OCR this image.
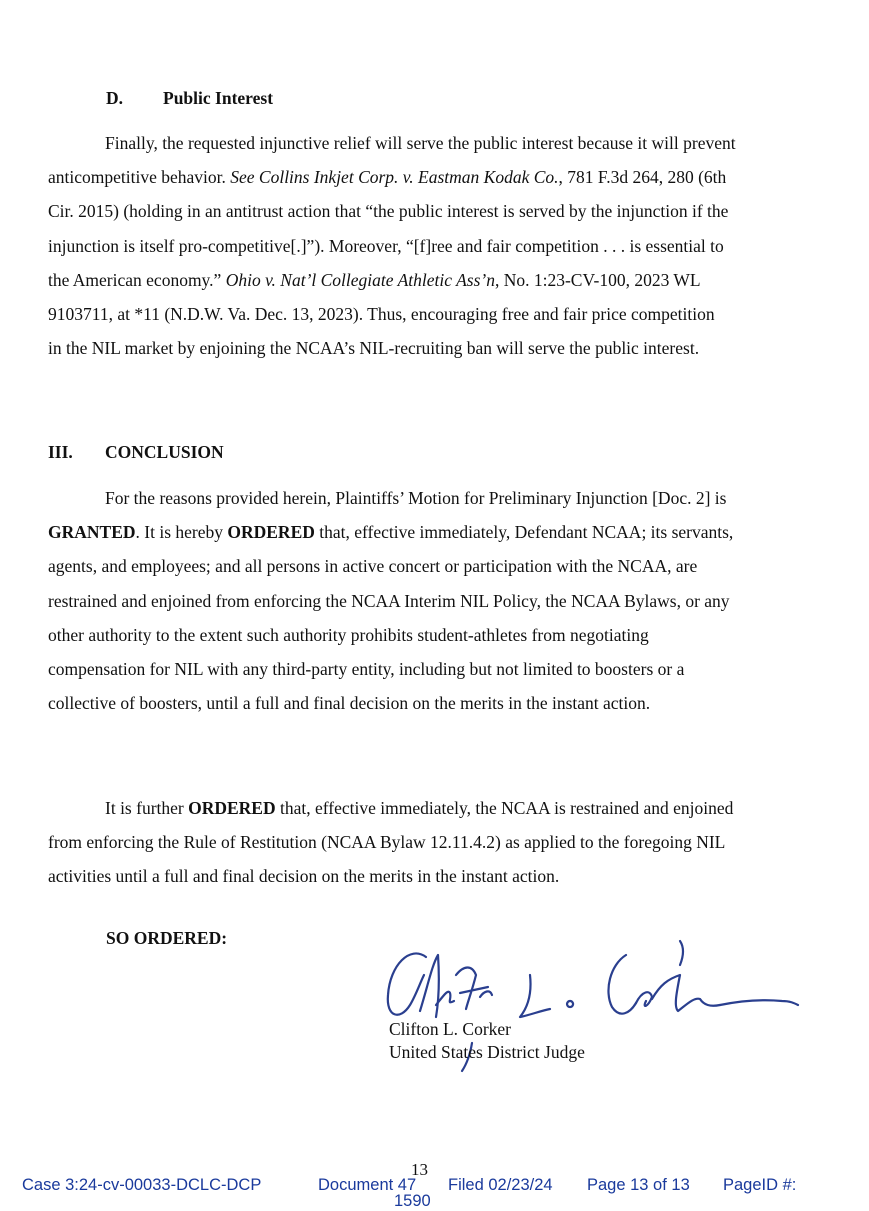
D. Public Interest
Finally, the requested injunctive relief will serve the public interest because it will prevent
anticompetitive behavior. See Collins Inkjet Corp. v. Eastman Kodak Co., 781 F.3d 264, 280 (6th
Cir. 2015) (holding in an antitrust action that “the public interest is served by the injunction if the
injunction is itself pro-competitive[.]”). Moreover, “[f]ree and fair competition . . . is essential to
the American economy.” Ohio v. Nat’l Collegiate Athletic Ass’n, No. 1:23-CV-100, 2023 WL
9103711, at *11 (N.D.W. Va. Dec. 13, 2023). Thus, encouraging free and fair price competition
in the NIL market by enjoining the NCAA’s NIL-recruiting ban will serve the public interest.
III. CONCLUSION
For the reasons provided herein, Plaintiffs’ Motion for Preliminary Injunction [Doc. 2] is
GRANTED. It is hereby ORDERED that, effective immediately, Defendant NCAA; its servants,
agents, and employees; and all persons in active concert or participation with the NCAA, are
restrained and enjoined from enforcing the NCAA Interim NIL Policy, the NCAA Bylaws, or any
other authority to the extent such authority prohibits student-athletes from negotiating
compensation for NIL with any third-party entity, including but not limited to boosters or a
collective of boosters, until a full and final decision on the merits in the instant action.
It is further ORDERED that, effective immediately, the NCAA is restrained and enjoined
from enforcing the Rule of Restitution (NCAA Bylaw 12.11.4.2) as applied to the foregoing NIL
activities until a full and final decision on the merits in the instant action.
SO ORDERED:
Clifton L. Corker
United States District Judge
13
Case 3:24-cv-00033-DCLC-DCP	Document 47 Filed 02/23/24 Page 13 of 13 PageID #:
1590
